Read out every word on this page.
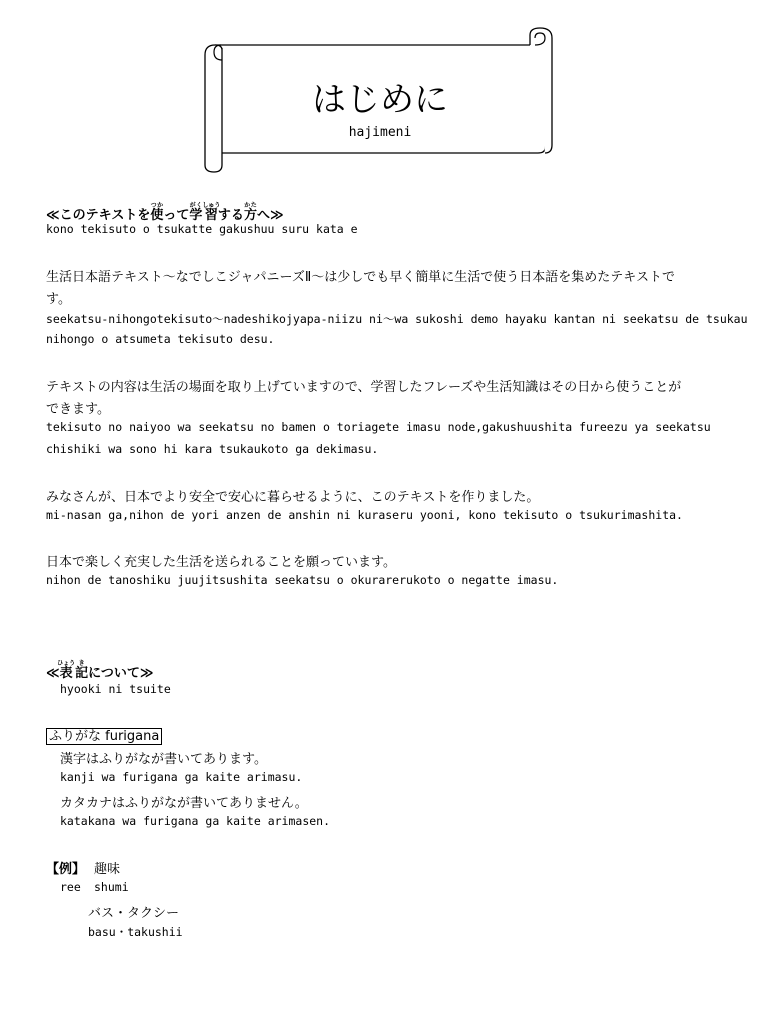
はじめに
hajimeni
≪このテキストを使つかって学がく習しゅうする方かたへ≫
kono tekisuto o tsukatte gakushuu suru kata e
生活日本語テキスト～なでしこジャパニーズⅡ～は少しでも早く簡単に生活で使う日本語を集めたテキストで
す。
seekatsu-nihongotekisuto～nadeshikojyapa-niizu ni～wa sukoshi demo hayaku kantan ni seekatsu de tsukau
nihongo o atsumeta tekisuto desu.
テキストの内容は生活の場面を取り上げていますので、学習したフレーズや生活知識はその日から使うことが
できます。
tekisuto no naiyoo wa seekatsu no bamen o toriagete imasu node,gakushuushita fureezu ya seekatsu
chishiki wa sono hi kara tsukaukoto ga dekimasu.
みなさんが、日本でより安全で安心に暮らせるように、このテキストを作りました。
mi-nasan ga,nihon de yori anzen de anshin ni kuraseru yooni, kono tekisuto o tsukurimashita.
日本で楽しく充実した生活を送られることを願っています。
nihon de tanoshiku juujitsushita seekatsu o okurarerukoto o negatte imasu.
≪表ひょう記きについて≫
hyooki ni tsuite
ふりがな furigana
漢字はふりがなが書いてあります。
kanji wa furigana ga kaite arimasu.
カタカナはふりがなが書いてありません。
katakana wa furigana ga kaite arimasen.
【例】 趣味
ree shumi
バス・タクシー
basu・takushii
